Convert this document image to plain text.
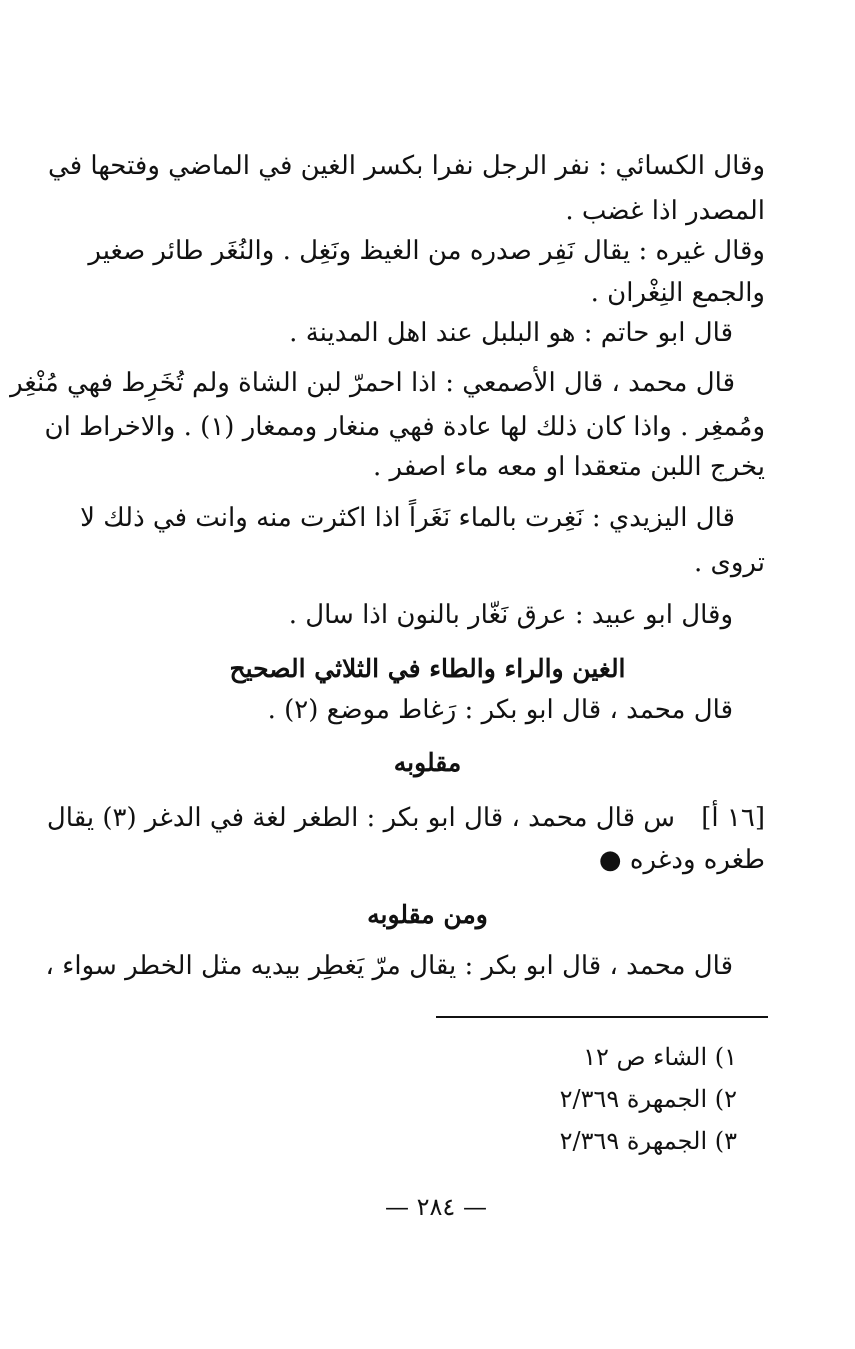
وقال الكسائي : نفر الرجل نفرا بكسر الغين في الماضي وفتحها في

المصدر اذا غضب .

وقال غيره : يقال نَفِر صدره من الغيظ ونَغِل . والنُغَر طائر صغير

والجمع النِغْران .

قال ابو حاتم : هو البلبل عند اهل المدينة .

قال محمد ، قال الأصمعي : اذا احمرّ لبن الشاة ولم تُخَرِط فهي مُنْغِر

ومُمغِر . واذا كان ذلك لها عادة فهي منغار وممغار (١) . والاخراط ان

يخرج اللبن متعقدا او معه ماء اصفر .

قال اليزيدي : نَغِرت بالماء نَغَراً اذا اكثرت منه وانت في ذلك لا

تروى .

وقال ابو عبيد : عرق نَغّار بالنون اذا سال .

الغين والراء والطاء في الثلاثي الصحيح

قال محمد ، قال ابو بكر : رَغاط موضع (٢) .

مقلوبه

[١٦ أ]

س قال محمد ، قال ابو بكر : الطغر لغة في الدغر (٣) يقال

طغره ودغره ●

ومن مقلوبه

قال محمد ، قال ابو بكر : يقال مرّ يَغطِر بيديه مثل الخطر سواء ،

١) الشاء ص ١٢

٢) الجمهرة ٢/٣٦٩

٣) الجمهرة ٢/٣٦٩

— ٢٨٤ —
